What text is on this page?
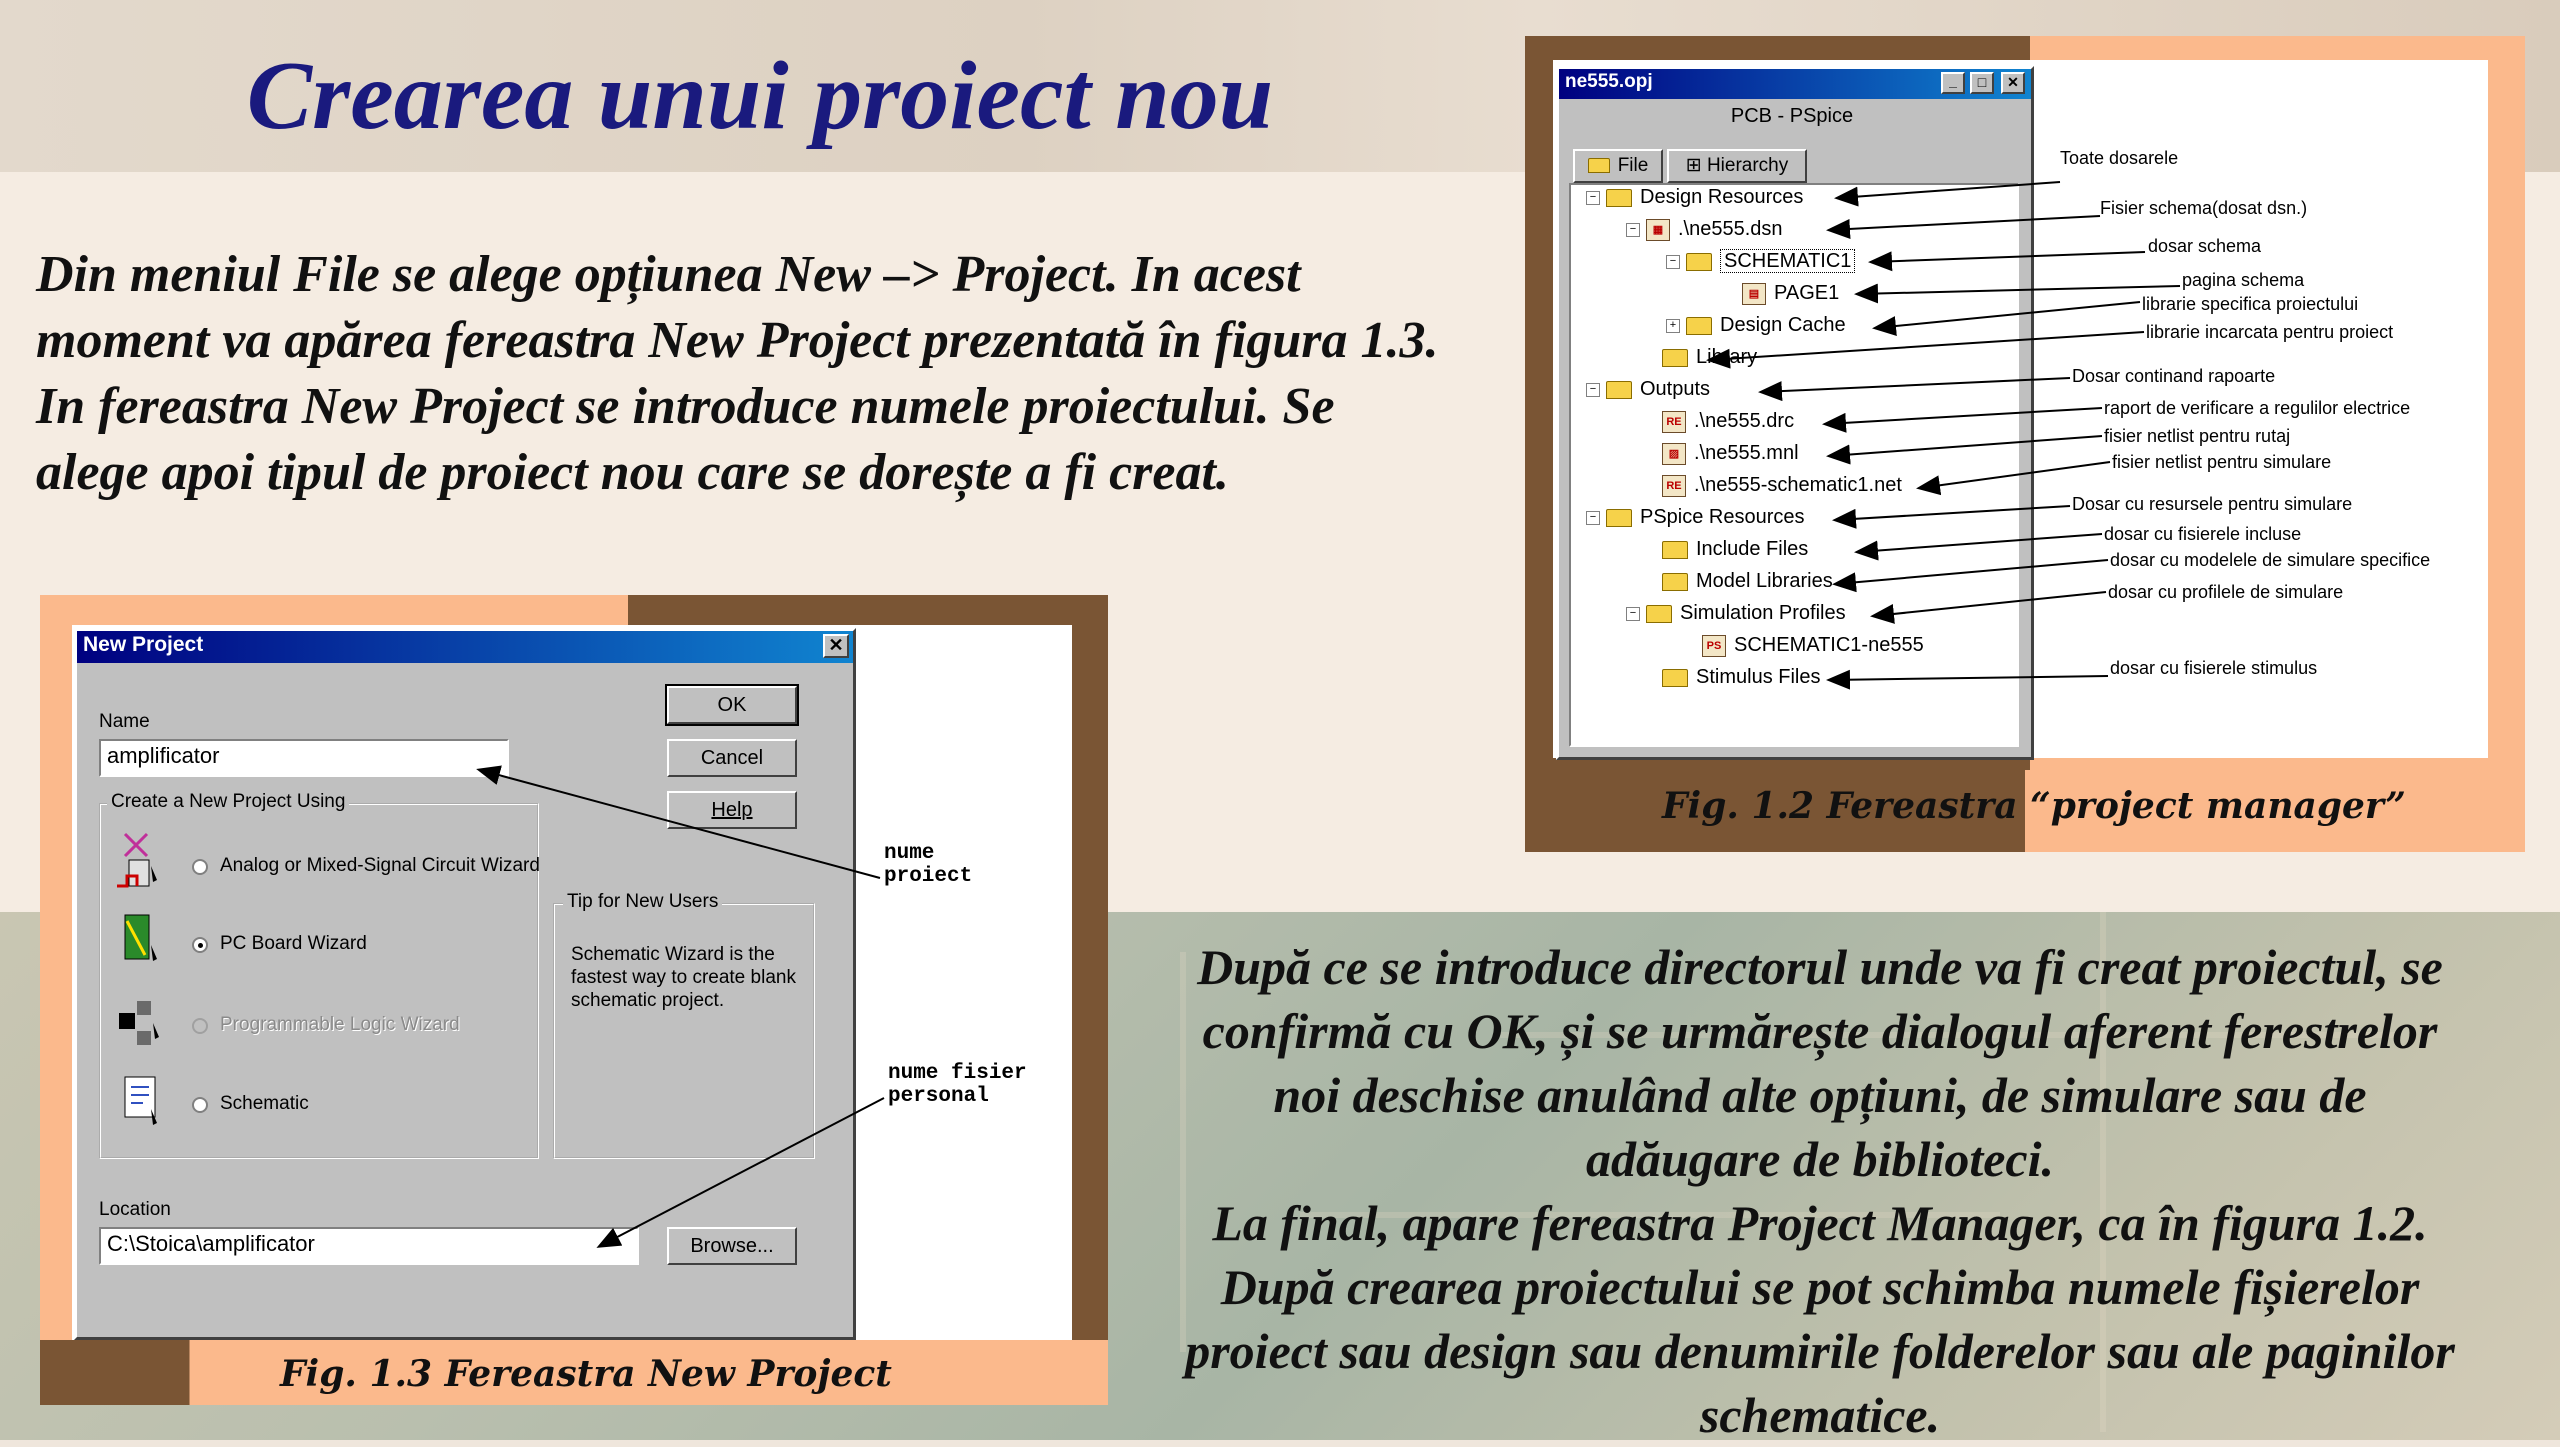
Crearea unui proiect nou
Din meniul File se alege opțiunea New –> Project. In acest
moment va apărea fereastra New Project prezentată în figura 1.3.
In fereastra New Project se introduce numele proiectului. Se
alege apoi tipul de proiect nou care se dorește a fi creat.
Fig. 1.3 Fereastra New Project
New Project	✕
Name
amplificator
Create a New Project Using
Analog or Mixed-Signal Circuit Wizard
PC Board Wizard
Programmable Logic Wizard
Schematic
Tip for New Users
Schematic Wizard is the
fastest way to create blank
schematic project.
OK
Cancel
Help
Location
C:\Stoica\amplificator	Browse...
nume
proiect
nume fisier
personal
Fig. 1.2 Fereastra “project manager”
ne555.opj	_	□	✕
PCB - PSpice
File	⊞ Hierarchy
− Design Resources
− ▦ .\ne555.dsn
− SCHEMATIC1
▤ PAGE1
+ Design Cache
Library
− Outputs
RE .\ne555.drc
▨ .\ne555.mnl
RE .\ne555-schematic1.net
− PSpice Resources
Include Files
Model Libraries
− Simulation Profiles
PS SCHEMATIC1-ne555
Stimulus Files
Toate dosarele
Fisier schema(dosat dsn.)
dosar schema
pagina schema
librarie specifica proiectului
librarie incarcata pentru proiect
Dosar continand rapoarte
raport de verificare a regulilor electrice
fisier netlist pentru rutaj
fisier netlist pentru simulare
Dosar cu resursele pentru simulare
dosar cu fisierele incluse
dosar cu modelele de simulare specifice
dosar cu profilele de simulare
dosar cu fisierele stimulus
După ce se introduce directorul unde va fi creat proiectul, se
confirmă cu OK, și se urmărește dialogul aferent ferestrelor
noi deschise anulând alte opțiuni, de simulare sau de
adăugare de biblioteci.
La final, apare fereastra Project Manager, ca în figura 1.2.
După crearea proiectului se pot schimba numele fișierelor
proiect sau design sau denumirile folderelor sau ale paginilor
schematice.
